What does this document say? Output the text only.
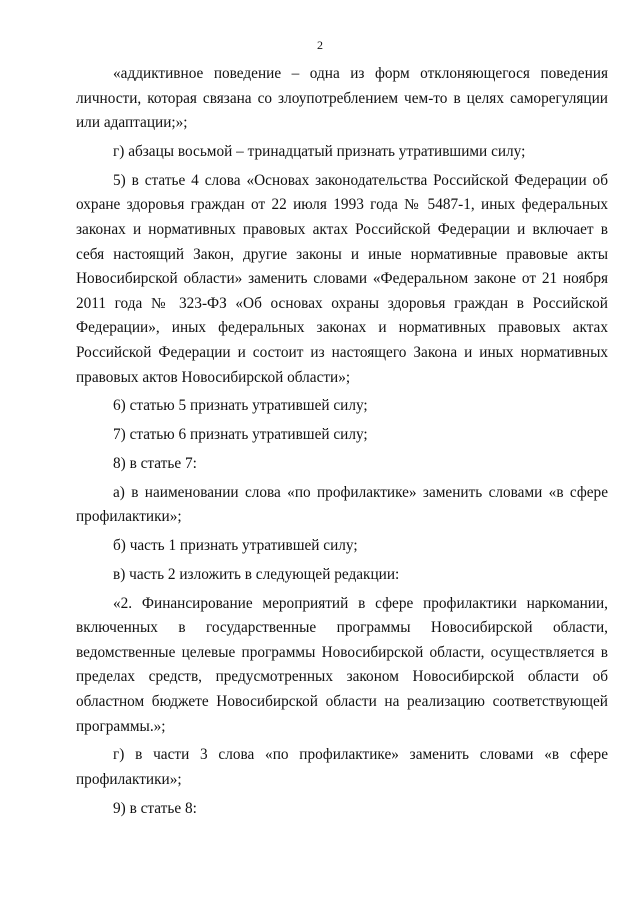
2

«аддиктивное поведение – одна из форм отклоняющегося поведения личности, которая связана со злоупотреблением чем-то в целях саморегуляции или адаптации;»;

г) абзацы восьмой – тринадцатый признать утратившими силу;

5) в статье 4 слова «Основах законодательства Российской Федерации об охране здоровья граждан от 22 июля 1993 года № 5487-1, иных федеральных законах и нормативных правовых актах Российской Федерации и включает в себя настоящий Закон, другие законы и иные нормативные правовые акты Новосибирской области» заменить словами «Федеральном законе от 21 ноября 2011 года № 323-ФЗ «Об основах охраны здоровья граждан в Российской Федерации», иных федеральных законах и нормативных правовых актах Российской Федерации и состоит из настоящего Закона и иных нормативных правовых актов Новосибирской области»;

6) статью 5 признать утратившей силу;

7) статью 6 признать утратившей силу;

8) в статье 7:

а) в наименовании слова «по профилактике» заменить словами «в сфере профилактики»;

б) часть 1 признать утратившей силу;

в) часть 2 изложить в следующей редакции:

«2. Финансирование мероприятий в сфере профилактики наркомании, включенных в государственные программы Новосибирской области, ведомственные целевые программы Новосибирской области, осуществляется в пределах средств, предусмотренных законом Новосибирской области об областном бюджете Новосибирской области на реализацию соответствующей программы.»;

г) в части 3 слова «по профилактике» заменить словами «в сфере профилактики»;

9) в статье 8:
